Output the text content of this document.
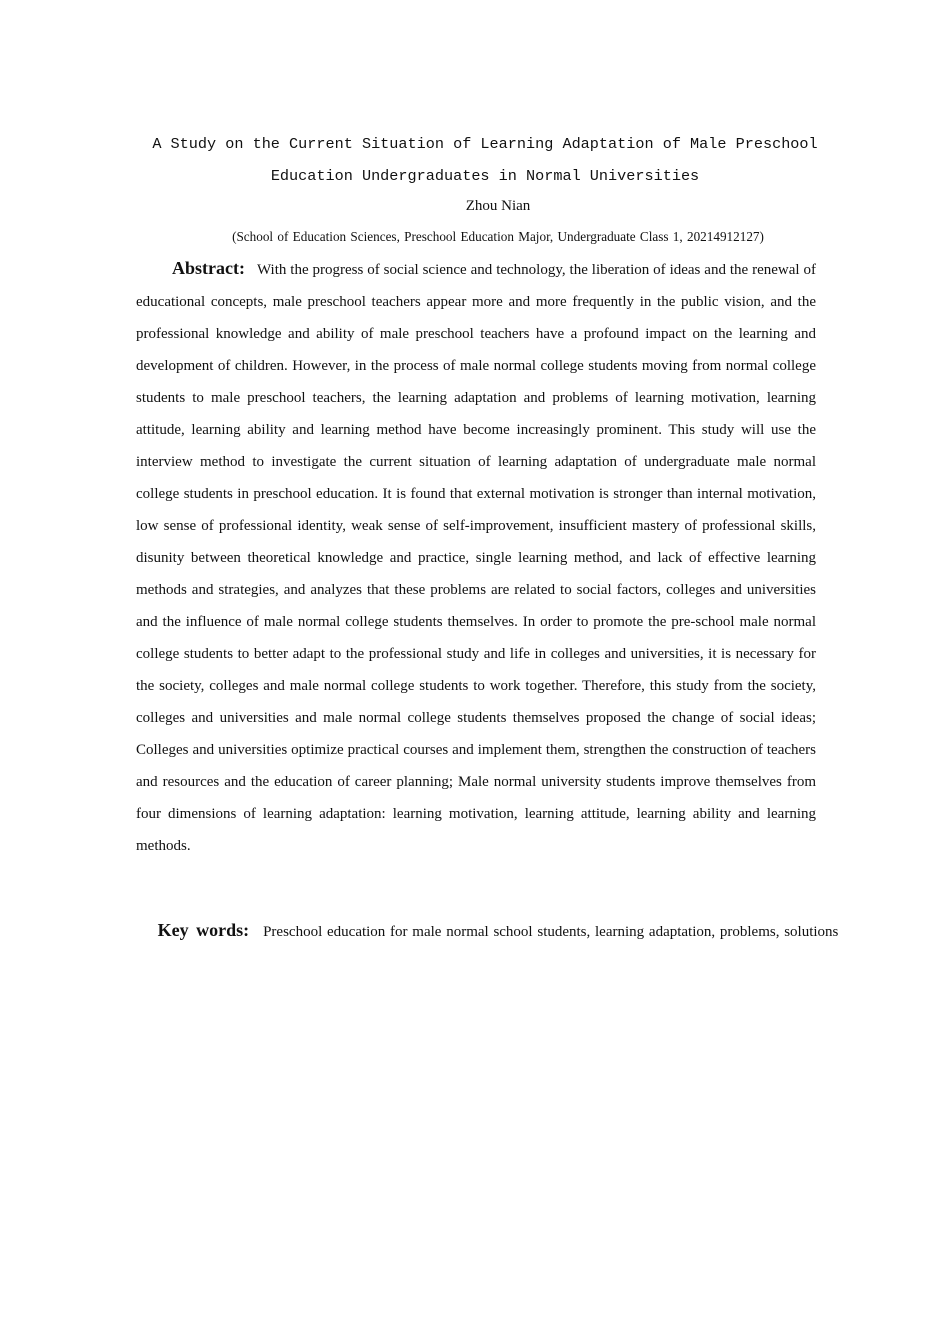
A Study on the Current Situation of Learning Adaptation of Male Preschool
Education Undergraduates in Normal Universities
Zhou Nian
(School of Education Sciences, Preschool Education Major, Undergraduate Class 1, 20214912127)

Abstract: With the progress of social science and technology, the liberation of ideas and the renewal of educational concepts, male preschool teachers appear more and more frequently in the public vision, and the professional knowledge and ability of male preschool teachers have a profound impact on the learning and development of children. However, in the process of male normal college students moving from normal college students to male preschool teachers, the learning adaptation and problems of learning motivation, learning attitude, learning ability and learning method have become increasingly prominent. This study will use the interview method to investigate the current situation of learning adaptation of undergraduate male normal college students in preschool education. It is found that external motivation is stronger than internal motivation, low sense of professional identity, weak sense of self-improvement, insufficient mastery of professional skills, disunity between theoretical knowledge and practice, single learning method, and lack of effective learning methods and strategies, and analyzes that these problems are related to social factors, colleges and universities and the influence of male normal college students themselves. In order to promote the pre-school male normal college students to better adapt to the professional study and life in colleges and universities, it is necessary for the society, colleges and male normal college students to work together. Therefore, this study from the society, colleges and universities and male normal college students themselves proposed the change of social ideas; Colleges and universities optimize practical courses and implement them, strengthen the construction of teachers and resources and the education of career planning; Male normal university students improve themselves from four dimensions of learning adaptation: learning motivation, learning attitude, learning ability and learning methods.

Key words: Preschool education for male normal school students, learning adaptation, problems, solutions
